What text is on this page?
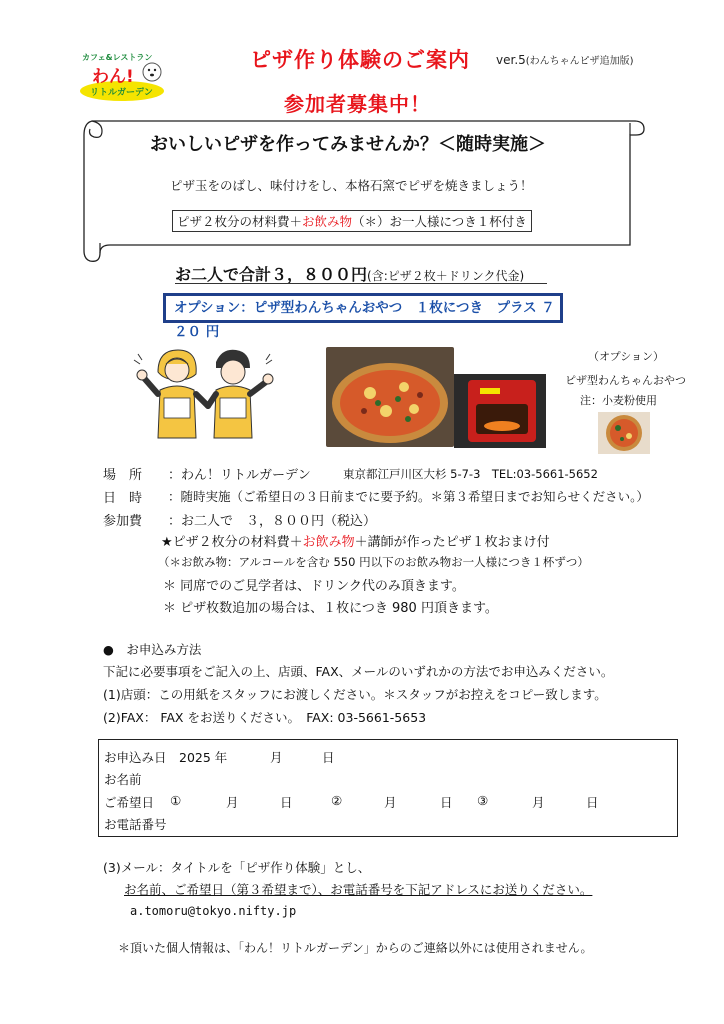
カフェ&レストラン
わん!
リトルガーデン
ピザ作り体験のご案内 ver.5(わんちゃんピザ追加版)
参加者募集中！
おいしいピザを作ってみませんか？＜随時実施＞
ピザ玉をのばし、味付けをし、本格石窯でピザを焼きましょう！
ピザ２枚分の材料費＋お飲み物（＊）お一人様につき１杯付き
お二人で合計３，８００円(含:ピザ２枚＋ドリンク代金)
オプション：ピザ型わんちゃんおやつ　１枚につき　プラス ７２０ 円
（オプション）
ピザ型わんちゃんおやつ
注：小麦粉使用
場　所 ：わん！リトルガーデン	東京都江戸川区大杉 5-7-3　TEL:03-5661-5652
日　時 ：随時実施（ご希望日の３日前までに要予約。＊第３希望日までお知らせください。）
参加費 ：お二人で　３，８００円（税込）
★ピザ２枚分の材料費＋お飲み物＋講師が作ったピザ１枚おまけ付
（＊お飲み物：アルコールを含む 550 円以下のお飲み物お一人様につき１杯ずつ）
＊ 同席でのご見学者は、ドリンク代のみ頂きます。
＊ ピザ枚数追加の場合は、１枚につき 980 円頂きます。
●　お申込み方法
下記に必要事項をご記入の上、店頭、FAX、メールのいずれかの方法でお申込みください。
(1)店頭：この用紙をスタッフにお渡しください。＊スタッフがお控えをコピー致します。
(2)FAX： FAX をお送りください。　FAX: 03-5661-5653
お申込み日　2025 年	月	日
お名前
ご希望日 ①	月	日	②	月	日 ③	月	日
お電話番号
(3)メール：タイトルを「ピザ作り体験」とし、
お名前、ご希望日（第３希望まで）、お電話番号を下記アドレスにお送りください。
a.tomoru@tokyo.nifty.jp
＊頂いた個人情報は、「わん！リトルガーデン」からのご連絡以外には使用されません。
